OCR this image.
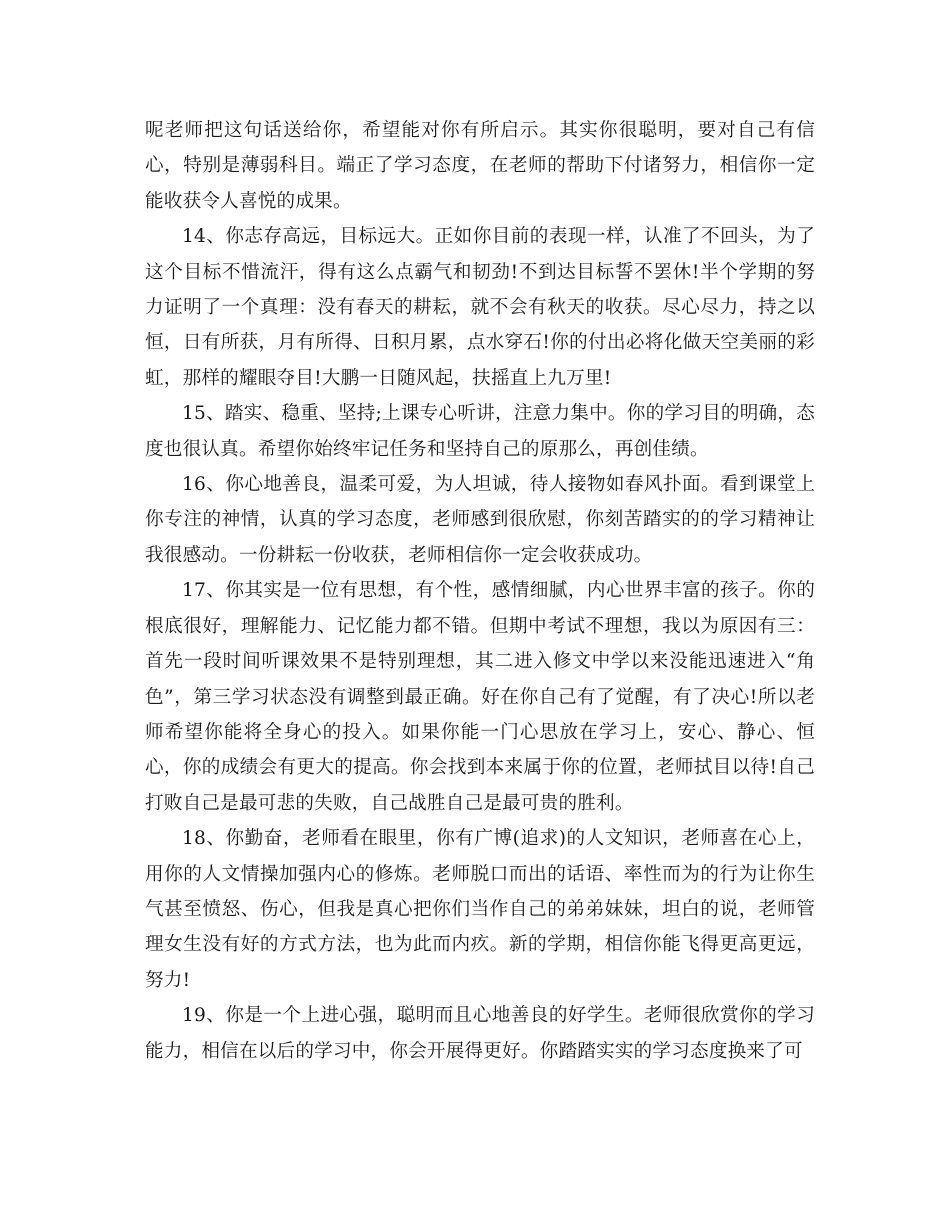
呢老师把这句话送给你，希望能对你有所启示。其实你很聪明，要对自己有信心，特别是薄弱科目。端正了学习态度，在老师的帮助下付诸努力，相信你一定能收获令人喜悦的成果。

14、你志存高远，目标远大。正如你目前的表现一样，认准了不回头，为了这个目标不惜流汗，得有这么点霸气和韧劲!不到达目标誓不罢休!半个学期的努力证明了一个真理：没有春天的耕耘，就不会有秋天的收获。尽心尽力，持之以恒，日有所获，月有所得、日积月累，点水穿石!你的付出必将化做天空美丽的彩虹，那样的耀眼夺目!大鹏一日随风起，扶摇直上九万里!

15、踏实、稳重、坚持;上课专心听讲，注意力集中。你的学习目的明确，态度也很认真。希望你始终牢记任务和坚持自己的原那么，再创佳绩。

16、你心地善良，温柔可爱，为人坦诚，待人接物如春风扑面。看到课堂上你专注的神情，认真的学习态度，老师感到很欣慰，你刻苦踏实的的学习精神让我很感动。一份耕耘一份收获，老师相信你一定会收获成功。

17、你其实是一位有思想，有个性，感情细腻，内心世界丰富的孩子。你的根底很好，理解能力、记忆能力都不错。但期中考试不理想，我以为原因有三：首先一段时间听课效果不是特别理想，其二进入修文中学以来没能迅速进入“角色”，第三学习状态没有调整到最正确。好在你自己有了觉醒，有了决心!所以老师希望你能将全身心的投入。如果你能一门心思放在学习上，安心、静心、恒心，你的成绩会有更大的提高。你会找到本来属于你的位置，老师拭目以待!自己打败自己是最可悲的失败，自己战胜自己是最可贵的胜利。

18、你勤奋，老师看在眼里，你有广博(追求)的人文知识，老师喜在心上，用你的人文情操加强内心的修炼。老师脱口而出的话语、率性而为的行为让你生气甚至愤怒、伤心，但我是真心把你们当作自己的弟弟妹妹，坦白的说，老师管理女生没有好的方式方法，也为此而内疚。新的学期，相信你能飞得更高更远，努力!

19、你是一个上进心强，聪明而且心地善良的好学生。老师很欣赏你的学习能力，相信在以后的学习中，你会开展得更好。你踏踏实实的学习态度换来了可
